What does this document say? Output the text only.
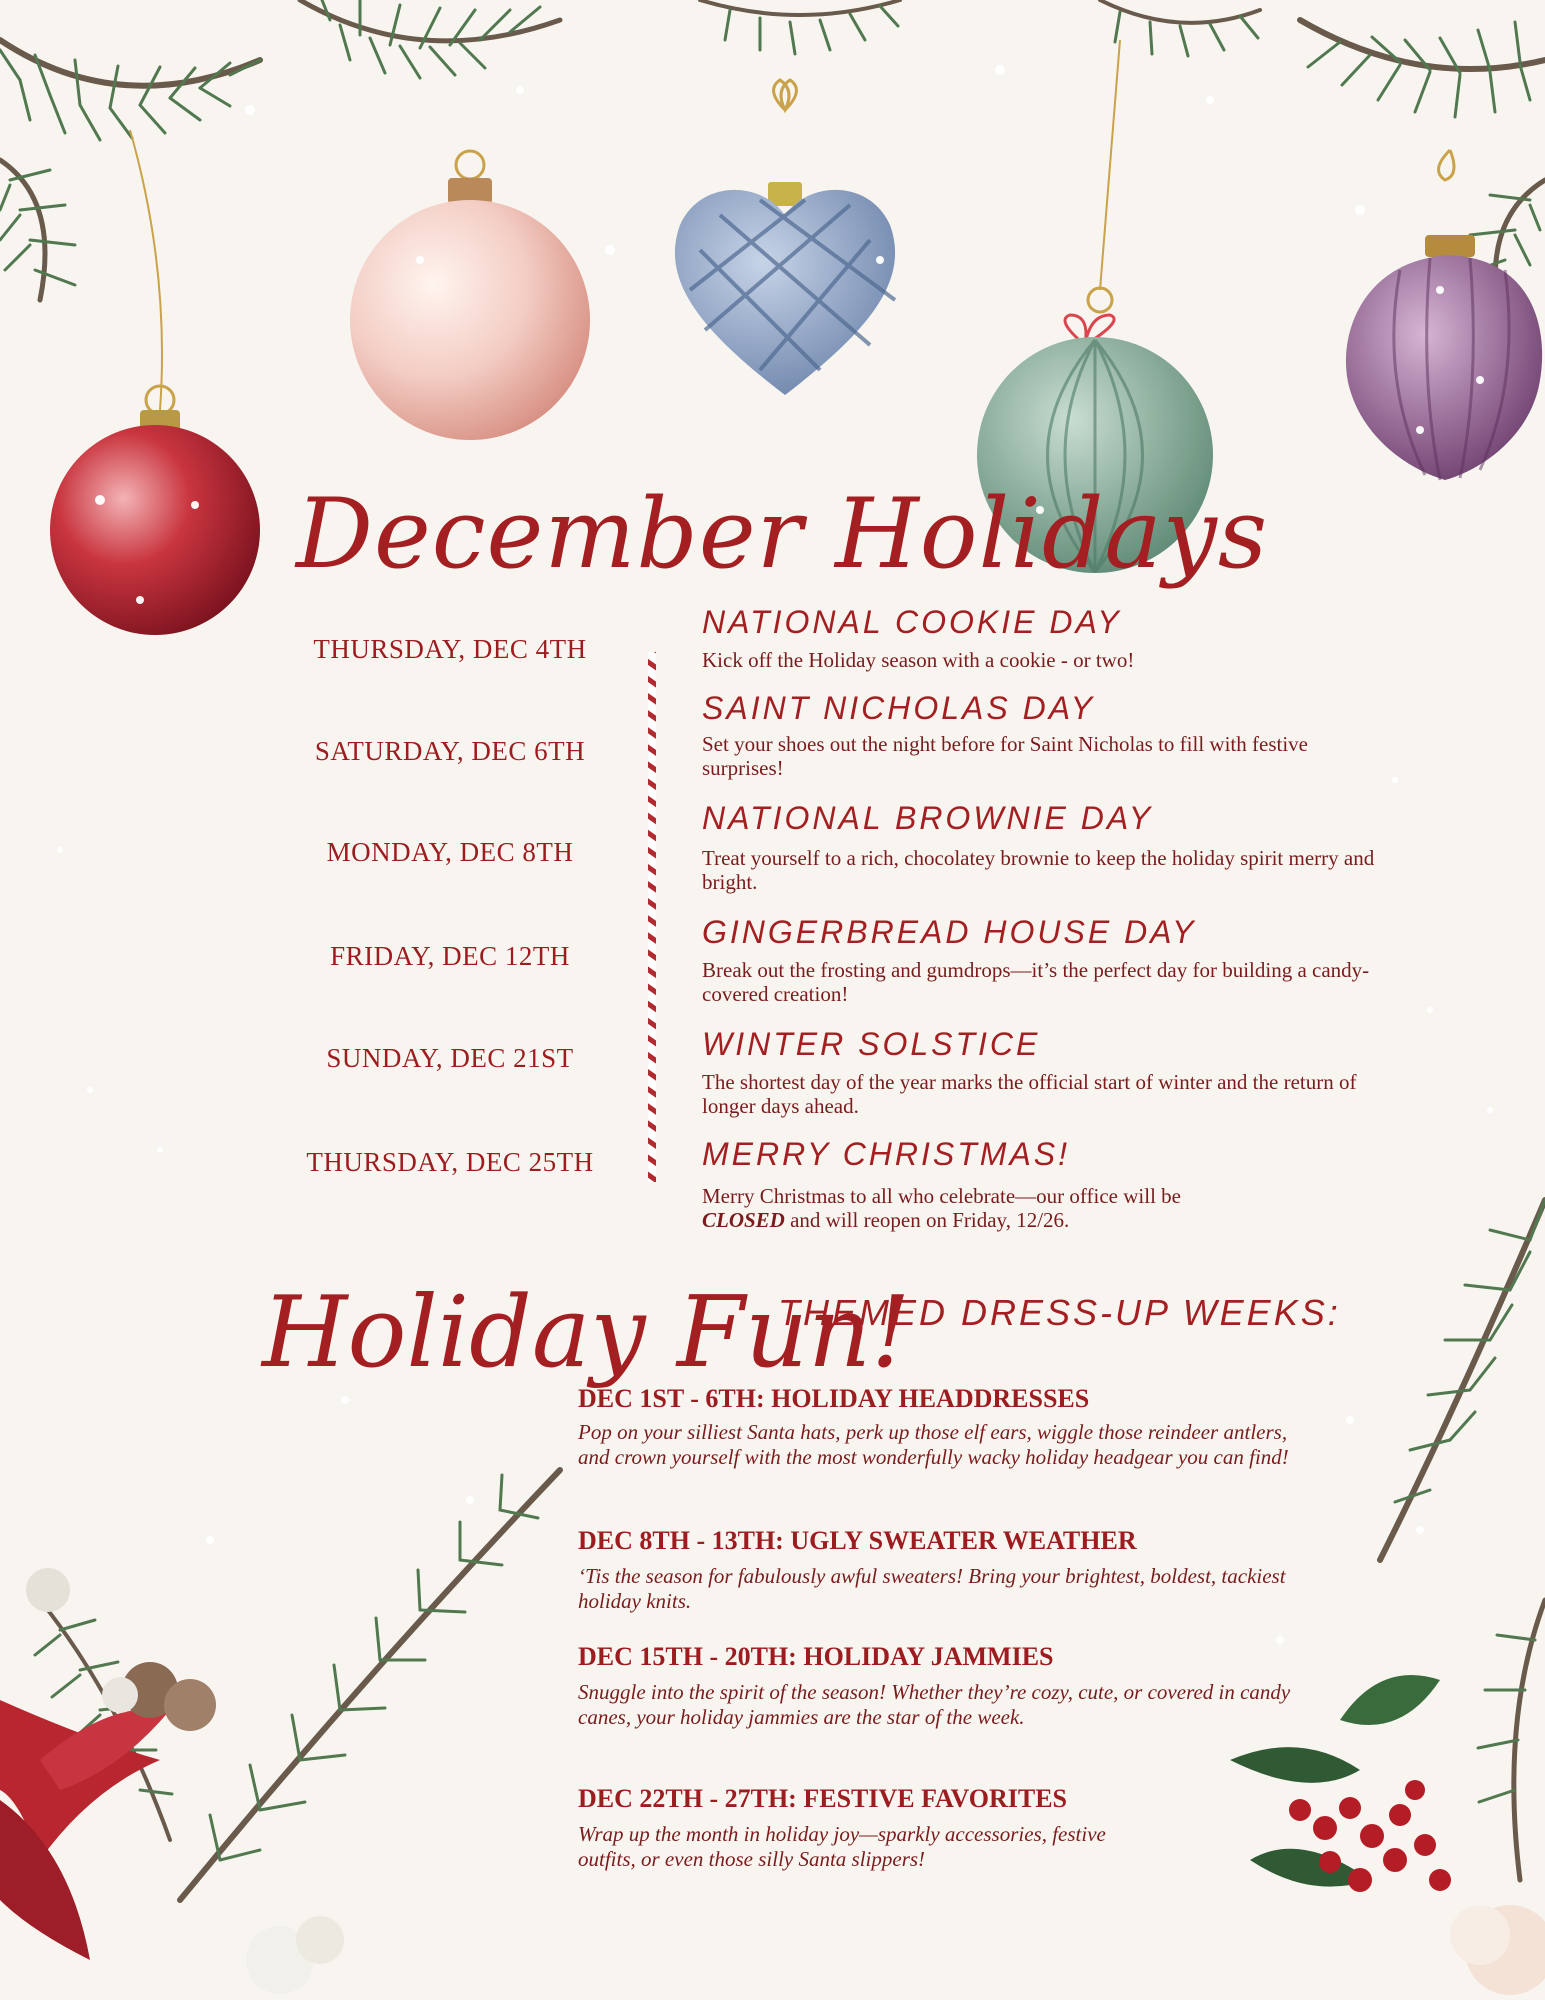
December Holidays
THURSDAY, DEC 4TH
SATURDAY, DEC 6TH
MONDAY, DEC 8TH
FRIDAY, DEC 12TH
SUNDAY, DEC 21ST
THURSDAY, DEC 25TH
NATIONAL COOKIE DAY
Kick off the Holiday season with a cookie - or two!
SAINT NICHOLAS DAY
Set your shoes out the night before for Saint Nicholas to fill with festive surprises!
NATIONAL BROWNIE DAY
Treat yourself to a rich, chocolatey brownie to keep the holiday spirit merry and bright.
GINGERBREAD HOUSE DAY
Break out the frosting and gumdrops—it’s the perfect day for building a candy-covered creation!
WINTER SOLSTICE
The shortest day of the year marks the official start of winter and the return of longer days ahead.
MERRY CHRISTMAS!
Merry Christmas to all who celebrate—our office will be
CLOSED and will reopen on Friday, 12/26.
Holiday Fun!
THEMED DRESS-UP WEEKS:
DEC 1ST - 6TH: HOLIDAY HEADDRESSES
Pop on your silliest Santa hats, perk up those elf ears, wiggle those reindeer antlers, and crown yourself with the most wonderfully wacky holiday headgear you can find!
DEC 8TH - 13TH: UGLY SWEATER WEATHER
‘Tis the season for fabulously awful sweaters! Bring your brightest, boldest, tackiest holiday knits.
DEC 15TH - 20TH: HOLIDAY JAMMIES
Snuggle into the spirit of the season! Whether they’re cozy, cute, or covered in candy canes, your holiday jammies are the star of the week.
DEC 22TH - 27TH: FESTIVE FAVORITES
Wrap up the month in holiday joy—sparkly accessories, festive outfits, or even those silly Santa slippers!
